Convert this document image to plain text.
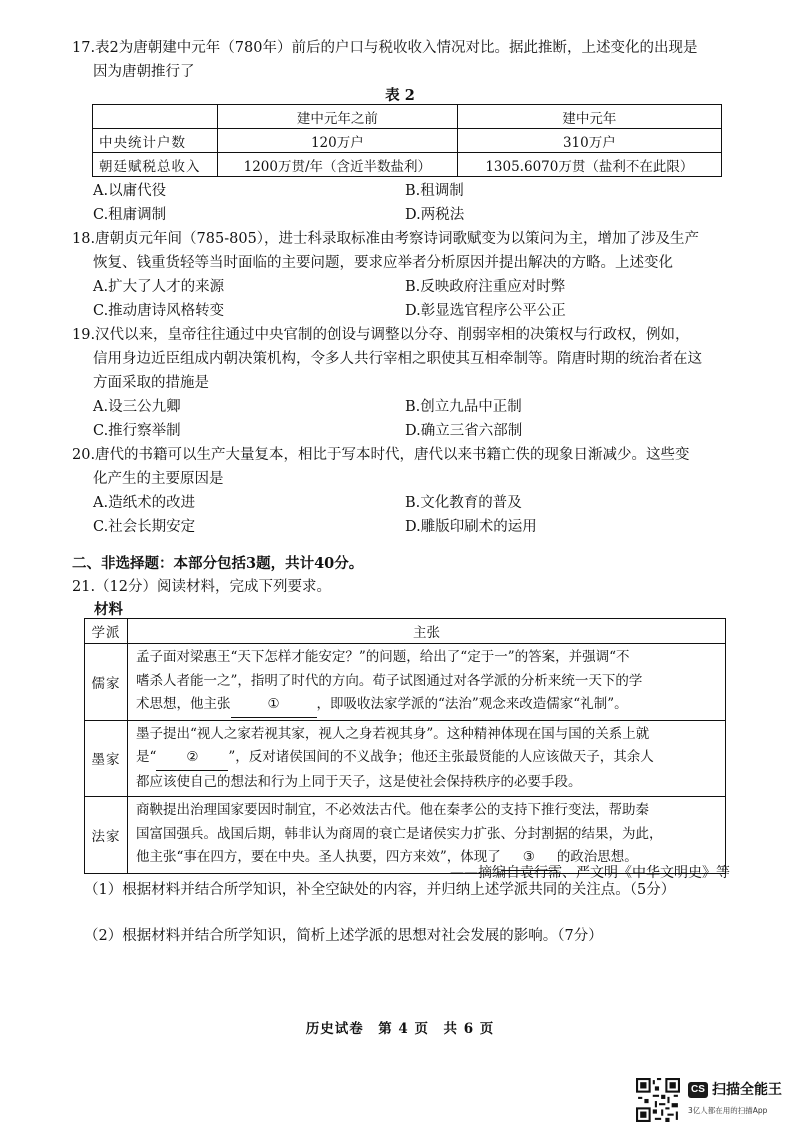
17.表2为唐朝建中元年（780年）前后的户口与税收收入情况对比。据此推断，上述变化的出现是
因为唐朝推行了
表 2
	建中元年之前	建中元年
中央统计户数	120万户	310万户
朝廷赋税总收入	1200万贯/年（含近半数盐利）	1305.6070万贯（盐利不在此限）
A.以庸代役	B.租调制
C.租庸调制	D.两税法
18.唐朝贞元年间（785-805），进士科录取标准由考察诗词歌赋变为以策问为主，增加了涉及生产
恢复、钱重货轻等当时面临的主要问题，要求应举者分析原因并提出解决的方略。上述变化
A.扩大了人才的来源	B.反映政府注重应对时弊
C.推动唐诗风格转变	D.彰显选官程序公平公正
19.汉代以来，皇帝往往通过中央官制的创设与调整以分夺、削弱宰相的决策权与行政权，例如，
信用身边近臣组成内朝决策机构，令多人共行宰相之职使其互相牵制等。隋唐时期的统治者在这
方面采取的措施是
A.设三公九卿	B.创立九品中正制
C.推行察举制	D.确立三省六部制
20.唐代的书籍可以生产大量复本，相比于写本时代，唐代以来书籍亡佚的现象日渐减少。这些变
化产生的主要原因是
A.造纸术的改进	B.文化教育的普及
C.社会长期安定	D.雕版印刷术的运用
二、非选择题：本部分包括3题，共计40分。
21.（12分）阅读材料，完成下列要求。
材料
学派	主张
儒家	孟子面对梁惠王“天下怎样才能安定？”的问题，给出了“定于一”的答案，并强调“不
嗜杀人者能一之”，指明了时代的方向。荀子试图通过对各学派的分析来统一天下的学
术思想，他主张 ① ，即吸收法家学派的“法治”观念来改造儒家“礼制”。

墨家	墨子提出“视人之家若视其家，视人之身若视其身”。这种精神体现在国与国的关系上就
是“ ② ”，反对诸侯国间的不义战争；他还主张最贤能的人应该做天子，其余人
都应该使自己的想法和行为上同于天子，这是使社会保持秩序的必要手段。

法家	商鞅提出治理国家要因时制宜，不必效法古代。他在秦孝公的支持下推行变法，帮助秦
国富国强兵。战国后期，韩非认为商周的衰亡是诸侯实力扩张、分封割据的结果，为此，
他主张“事在四方，要在中央。圣人执要，四方来效”，体现了 ③ 的政治思想。
——摘编自袁行霈、严文明《中华文明史》等
（1）根据材料并结合所学知识，补全空缺处的内容，并归纳上述学派共同的关注点。（5分）
（2）根据材料并结合所学知识，简析上述学派的思想对社会发展的影响。（7分）
历史试卷　第 4 页　共 6 页
CS 扫描全能王
3亿人都在用的扫描App
